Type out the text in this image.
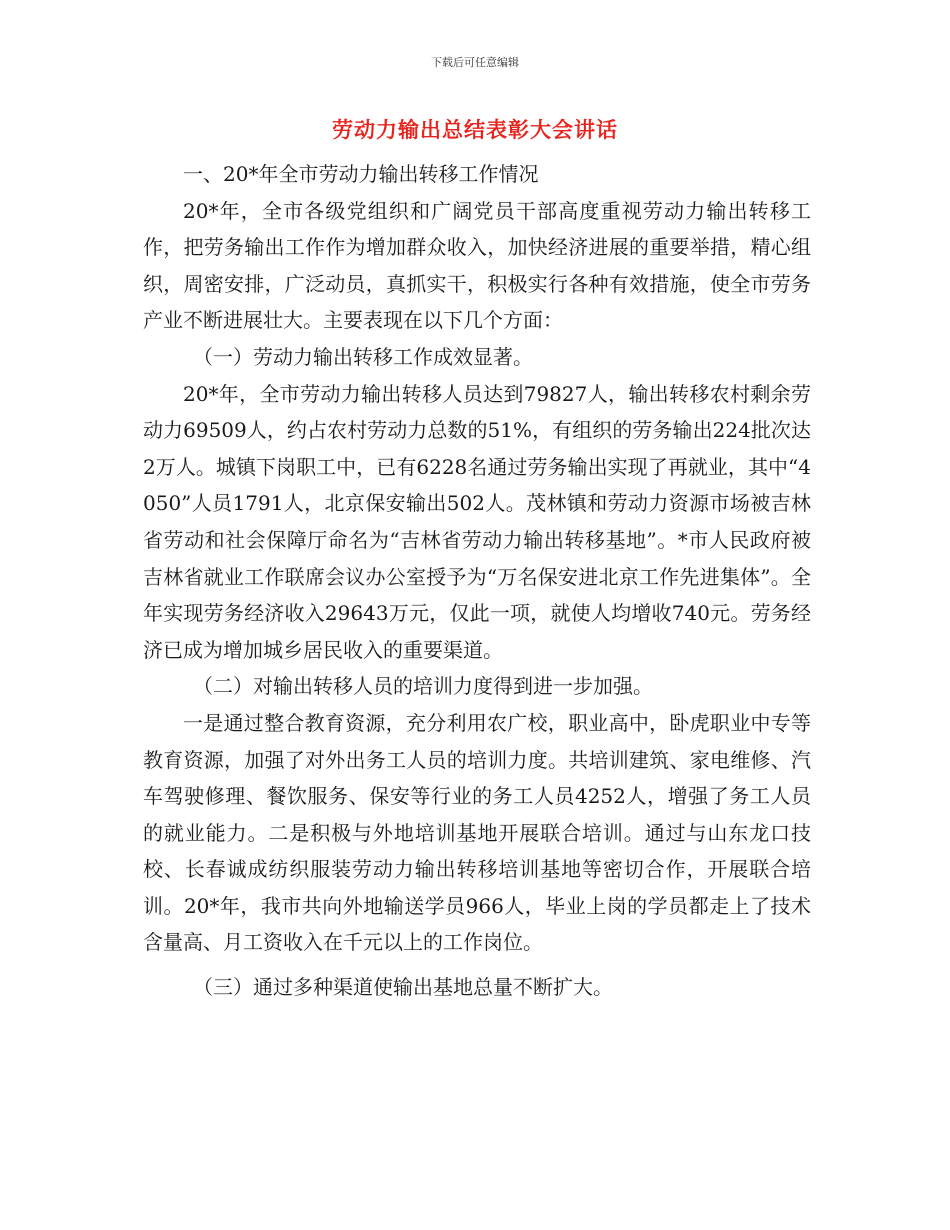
下载后可任意编辑
劳动力输出总结表彰大会讲话

一、20*年全市劳动力输出转移工作情况

20*年，全市各级党组织和广阔党员干部高度重视劳动力输出转移工作，把劳务输出工作作为增加群众收入，加快经济进展的重要举措，精心组织，周密安排，广泛动员，真抓实干，积极实行各种有效措施，使全市劳务产业不断进展壮大。主要表现在以下几个方面：

（一）劳动力输出转移工作成效显著。

20*年，全市劳动力输出转移人员达到79827人，输出转移农村剩余劳动力69509人，约占农村劳动力总数的51%，有组织的劳务输出224批次达2万人。城镇下岗职工中，已有6228名通过劳务输出实现了再就业，其中“4050”人员1791人，北京保安输出502人。茂林镇和劳动力资源市场被吉林省劳动和社会保障厅命名为“吉林省劳动力输出转移基地”。*市人民政府被吉林省就业工作联席会议办公室授予为“万名保安进北京工作先进集体”。全年实现劳务经济收入29643万元，仅此一项，就使人均增收740元。劳务经济已成为增加城乡居民收入的重要渠道。

（二）对输出转移人员的培训力度得到进一步加强。

一是通过整合教育资源，充分利用农广校，职业高中，卧虎职业中专等教育资源，加强了对外出务工人员的培训力度。共培训建筑、家电维修、汽车驾驶修理、餐饮服务、保安等行业的务工人员4252人，增强了务工人员的就业能力。二是积极与外地培训基地开展联合培训。通过与山东龙口技校、长春诚成纺织服装劳动力输出转移培训基地等密切合作，开展联合培训。20*年，我市共向外地输送学员966人，毕业上岗的学员都走上了技术含量高、月工资收入在千元以上的工作岗位。

（三）通过多种渠道使输出基地总量不断扩大。
